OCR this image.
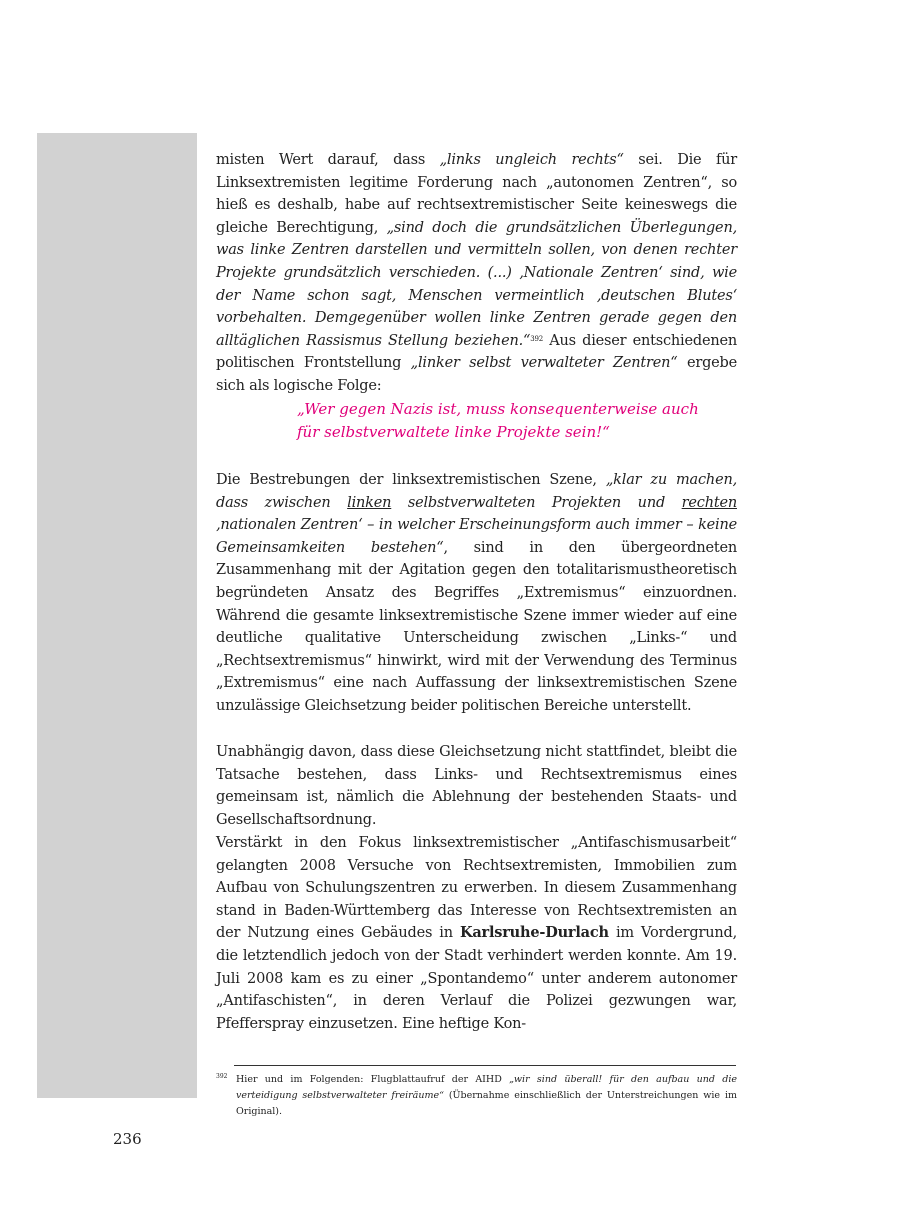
misten Wert darauf, dass „links ungleich rechts“ sei. Die für Linksextremisten legitime Forderung nach „autonomen Zentren“, so hieß es deshalb, habe auf rechtsextremistischer Seite keineswegs die gleiche Berechtigung, „sind doch die grundsätzlichen Überlegungen, was linke Zentren darstellen und vermitteln sollen, von denen rechter Projekte grundsätzlich verschieden. (...) ‚Nationale Zentren‘ sind, wie der Name schon sagt, Menschen vermeintlich ‚deutschen Blutes‘ vorbehalten. Demgegenüber wollen linke Zentren gerade gegen den alltäglichen Rassismus Stellung beziehen.“$^{392}$ Aus dieser entschiedenen politischen Frontstellung „linker selbst verwalteter Zentren“ ergebe sich als logische Folge:

„Wer gegen Nazis ist, muss konsequenterweise auch
für selbstverwaltete linke Projekte sein!“

Die Bestrebungen der linksextremistischen Szene, „klar zu machen, dass zwischen linken selbstverwalteten Projekten und rechten ‚nationalen Zentren‘ – in welcher Erscheinungsform auch immer – keine Gemeinsamkeiten bestehen“, sind in den übergeordneten Zusammenhang mit der Agitation gegen den totalitarismustheoretisch begründeten Ansatz des Begriffes „Extremismus“ einzuordnen. Während die gesamte linksextremistische Szene immer wieder auf eine deutliche qualitative Unterscheidung zwischen „Links-“ und „Rechtsextremismus“ hinwirkt, wird mit der Verwendung des Terminus „Extremismus“ eine nach Auffassung der linksextremistischen Szene unzulässige Gleichsetzung beider politischen Bereiche unterstellt.

Unabhängig davon, dass diese Gleichsetzung nicht stattfindet, bleibt die Tatsache bestehen, dass Links- und Rechtsextremismus eines gemeinsam ist, nämlich die Ablehnung der bestehenden Staats- und Gesellschaftsordnung.

Verstärkt in den Fokus linksextremistischer „Antifaschismusarbeit“ gelangten 2008 Versuche von Rechtsextremisten, Immobilien zum Aufbau von Schulungszentren zu erwerben. In diesem Zusammenhang stand in Baden-Württemberg das Interesse von Rechtsextremisten an der Nutzung eines Gebäudes in Karlsruhe-Durlach im Vordergrund, die letztendlich jedoch von der Stadt verhindert werden konnte. Am 19. Juli 2008 kam es zu einer „Spontandemo“ unter anderem autonomer „Antifaschisten“, in deren Verlauf die Polizei gezwungen war, Pfefferspray einzusetzen. Eine heftige Kon-

392 Hier und im Folgenden: Flugblattaufruf der AIHD „wir sind überall! für den aufbau und die verteidigung selbstverwalteter freiräume“ (Übernahme einschließlich der Unterstreichungen wie im Original).
236
